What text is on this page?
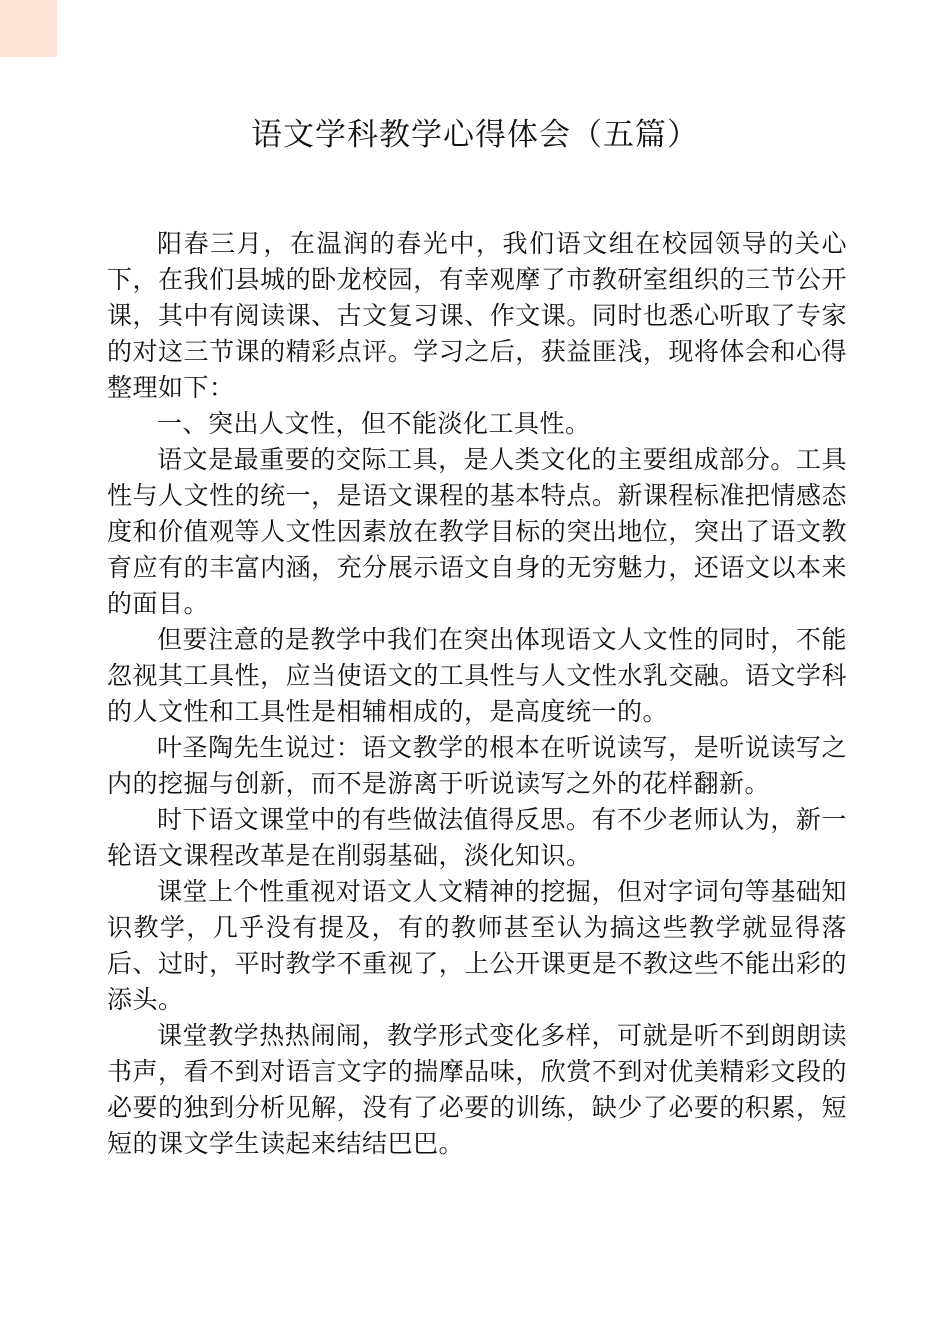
语文学科教学心得体会（五篇）

阳春三月，在温润的春光中，我们语文组在校园领导的关心下，在我们县城的卧龙校园，有幸观摩了市教研室组织的三节公开课，其中有阅读课、古文复习课、作文课。同时也悉心听取了专家的对这三节课的精彩点评。学习之后，获益匪浅，现将体会和心得整理如下：

一、突出人文性，但不能淡化工具性。

语文是最重要的交际工具，是人类文化的主要组成部分。工具性与人文性的统一，是语文课程的基本特点。新课程标准把情感态度和价值观等人文性因素放在教学目标的突出地位，突出了语文教育应有的丰富内涵，充分展示语文自身的无穷魅力，还语文以本来的面目。

但要注意的是教学中我们在突出体现语文人文性的同时，不能忽视其工具性，应当使语文的工具性与人文性水乳交融。语文学科的人文性和工具性是相辅相成的，是高度统一的。

叶圣陶先生说过：语文教学的根本在听说读写，是听说读写之内的挖掘与创新，而不是游离于听说读写之外的花样翻新。

时下语文课堂中的有些做法值得反思。有不少老师认为，新一轮语文课程改革是在削弱基础，淡化知识。

课堂上个性重视对语文人文精神的挖掘，但对字词句等基础知识教学，几乎没有提及，有的教师甚至认为搞这些教学就显得落后、过时，平时教学不重视了，上公开课更是不教这些不能出彩的添头。

课堂教学热热闹闹，教学形式变化多样，可就是听不到朗朗读书声，看不到对语言文字的揣摩品味，欣赏不到对优美精彩文段的必要的独到分析见解，没有了必要的训练，缺少了必要的积累，短短的课文学生读起来结结巴巴。
